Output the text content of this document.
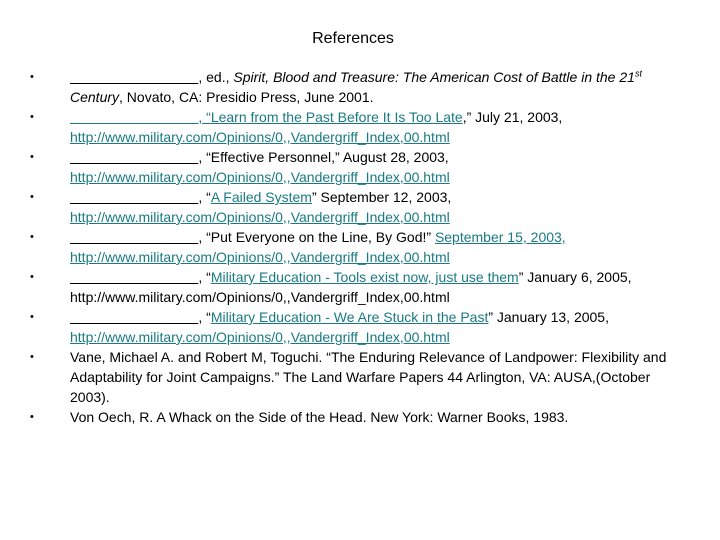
References
•	, ed., Spirit, Blood and Treasure: The American Cost of Battle in the 21st Century, Novato, CA: Presidio Press, June 2001.
•	, “Learn from the Past Before It Is Too Late,” July 21, 2003, http://www.military.com/Opinions/0,,Vandergriff_Index,00.html
•	, “Effective Personnel,” August 28, 2003, http://www.military.com/Opinions/0,,Vandergriff_Index,00.html
•	, “A Failed System” September 12, 2003, http://www.military.com/Opinions/0,,Vandergriff_Index,00.html
•	, “Put Everyone on the Line, By God!” September 15, 2003, http://www.military.com/Opinions/0,,Vandergriff_Index,00.html
•	, “Military Education - Tools exist now, just use them” January 6, 2005, http://www.military.com/Opinions/0,,Vandergriff_Index,00.html
•	, “Military Education - We Are Stuck in the Past” January 13, 2005, http://www.military.com/Opinions/0,,Vandergriff_Index,00.html
•	Vane, Michael A. and Robert M, Toguchi. “The Enduring Relevance of Landpower: Flexibility and Adaptability for Joint Campaigns.” The Land Warfare Papers 44 Arlington, VA: AUSA,(October 2003).
•	Von Oech, R. A Whack on the Side of the Head. New York: Warner Books, 1983.
